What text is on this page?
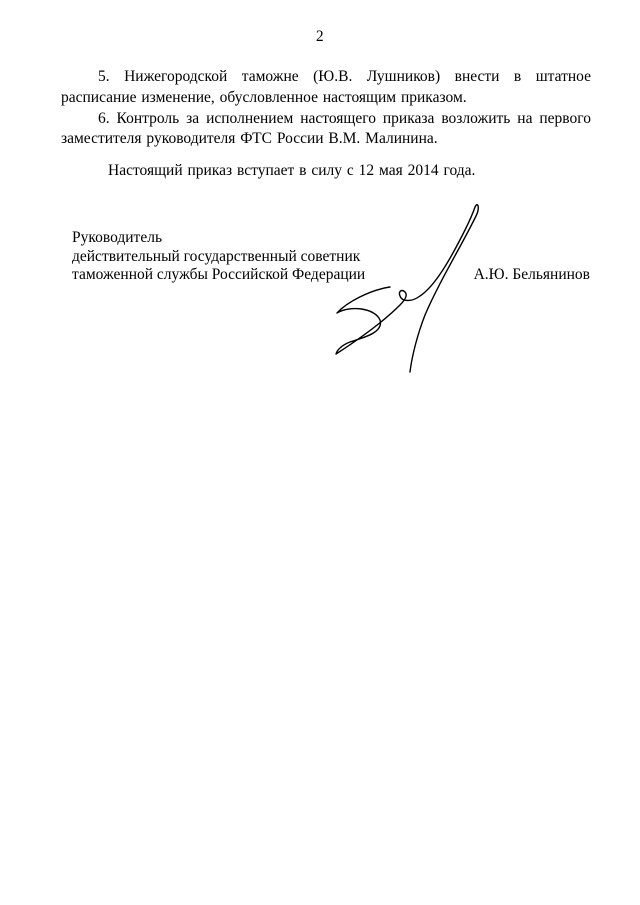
2

5. Нижегородской таможне (Ю.В. Лушников) внести в штатное расписание изменение, обусловленное настоящим приказом.

6. Контроль за исполнением настоящего приказа возложить на первого заместителя руководителя ФТС России В.М. Малинина.

Настоящий приказ вступает в силу с 12 мая 2014 года.

Руководитель
действительный государственный советник
таможенной службы Российской Федерации	А.Ю. Бельянинов
